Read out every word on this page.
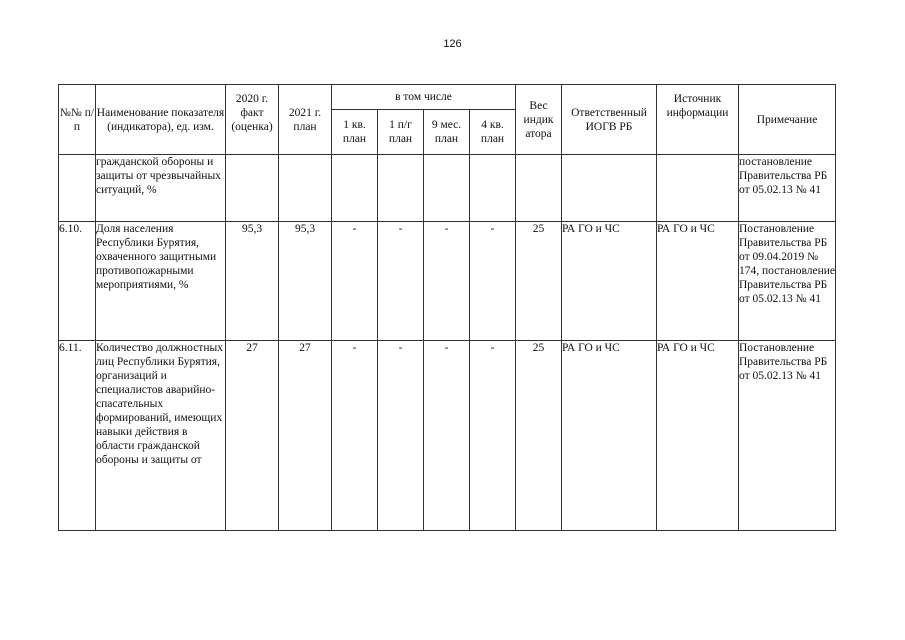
126
№№ п/п	Наименование показателя (индикатора), ед. изм.	2020 г. факт (оценка)	2021 г. план	в том числе				Вес индик атора	Ответственный ИОГВ РБ	Источник информации	Примечание
				1 кв. план	1 п/г план	9 мес. план	4 кв. план				
	гражданской обороны и защиты от чрезвычайных ситуаций, %										постановление Правительства РБ от 05.02.13 № 41
6.10.	Доля населения Республики Бурятия, охваченного защитными противопожарными мероприятиями, %	95,3	95,3	-	-	-	-	25	РА ГО и ЧС	РА ГО и ЧС	Постановление Правительства РБ от 09.04.2019 № 174, постановление Правительства РБ от 05.02.13 № 41
6.11.	Количество должностных лиц Республики Бурятия, организаций и специалистов аварийно-спасательных формирований, имеющих навыки действия в области гражданской обороны и защиты от	27	27	-	-	-	-	25	РА ГО и ЧС	РА ГО и ЧС	Постановление Правительства РБ от 05.02.13 № 41
